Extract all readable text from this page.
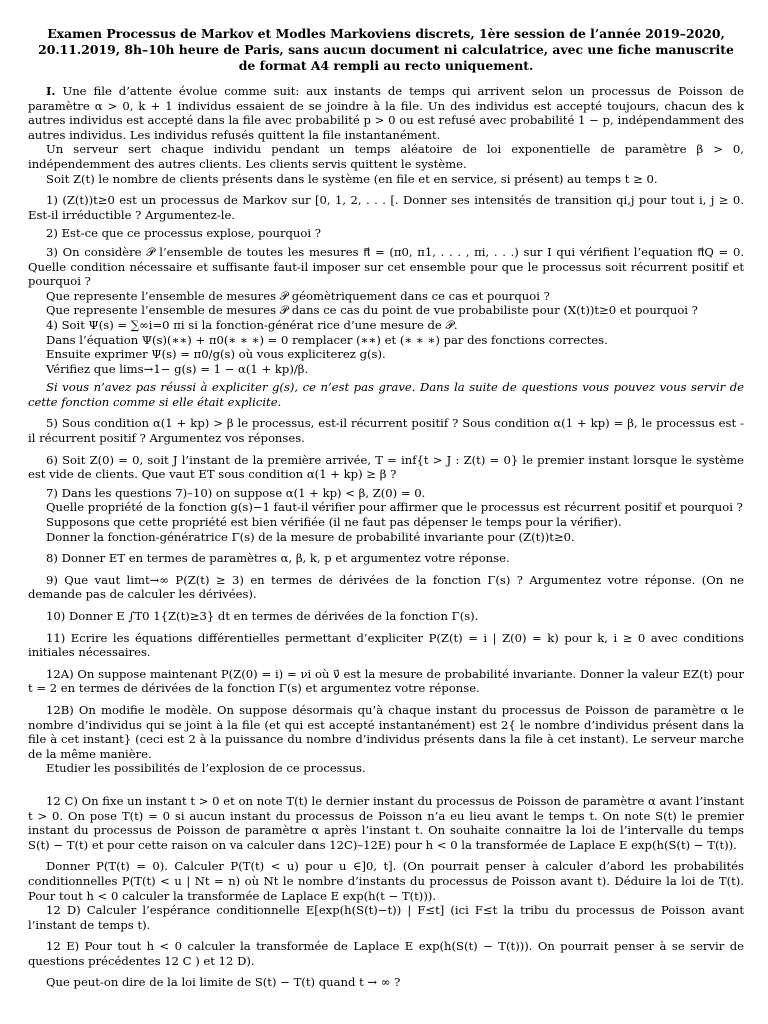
Examen Processus de Markov et Modles Markoviens discrets, 1ère session de l’année 2019–2020, 20.11.2019, 8h–10h heure de Paris, sans aucun document ni calculatrice, avec une fiche manuscrite de format A4 rempli au recto uniquement.

I. Une file d’attente évolue comme suit: aux instants de temps qui arrivent selon un processus de Poisson de paramètre α > 0, k + 1 individus essaient de se joindre à la file. Un des individus est accepté toujours, chacun des k autres individus est accepté dans la file avec probabilité p > 0 ou est refusé avec probabilité 1 − p, indépendamment des autres individus. Les individus refusés quittent la file instantanément.

Un serveur sert chaque individu pendant un temps aléatoire de loi exponentielle de paramètre β > 0, indépendemment des autres clients. Les clients servis quittent le système.

Soit Z(t) le nombre de clients présents dans le système (en file et en service, si présent) au temps t ≥ 0.

1) (Z(t))t≥0 est un processus de Markov sur [0, 1, 2, . . . [. Donner ses intensités de transition qi,j pour tout i, j ≥ 0. Est-il irréductible ? Argumentez-le.

2) Est-ce que ce processus explose, pourquoi ?

3) On considère 𝒫 l’ensemble de toutes les mesures π⃗ = (π0, π1, . . . , πi, . . .) sur I qui vérifient l’equation π⃗Q = 0. Quelle condition nécessaire et suffisante faut-il imposer sur cet ensemble pour que le processus soit récurrent positif et pourquoi ?

Que represente l’ensemble de mesures 𝒫 géomètriquement dans ce cas et pourquoi ?

Que represente l’ensemble de mesures 𝒫 dans ce cas du point de vue probabiliste pour (X(t))t≥0 et pourquoi ?

4) Soit Ψ(s) = ∑∞i=0 πi si la fonction-générat rice d’une mesure de 𝒫.

Dans l’équation Ψ(s)(∗∗) + π0(∗ ∗ ∗) = 0 remplacer (∗∗) et (∗ ∗ ∗) par des fonctions correctes.

Ensuite exprimer Ψ(s) = π0/g(s) où vous expliciterez g(s).

Vérifiez que lims→1− g(s) = 1 − α(1 + kp)/β.

Si vous n’avez pas réussi à expliciter g(s), ce n’est pas grave. Dans la suite de questions vous pouvez vous servir de cette fonction comme si elle était explicite.

5) Sous condition α(1 + kp) > β le processus, est-il récurrent positif ? Sous condition α(1 + kp) = β, le processus est -il récurrent positif ? Argumentez vos réponses.

6) Soit Z(0) = 0, soit J l’instant de la première arrivée, T = inf{t > J : Z(t) = 0} le premier instant lorsque le système est vide de clients. Que vaut ET sous condition α(1 + kp) ≥ β ?

7) Dans les questions 7)–10) on suppose α(1 + kp) < β, Z(0) = 0.

Quelle propriété de la fonction g(s)−1 faut-il vérifier pour affirmer que le processus est récurrent positif et pourquoi ?

Supposons que cette propriété est bien vérifiée (il ne faut pas dépenser le temps pour la vérifier).

Donner la fonction-génératrice Γ(s) de la mesure de probabilité invariante pour (Z(t))t≥0.

8) Donner ET en termes de paramètres α, β, k, p et argumentez votre réponse.

9) Que vaut limt→∞ P(Z(t) ≥ 3) en termes de dérivées de la fonction Γ(s) ? Argumentez votre réponse. (On ne demande pas de calculer les dérivées).

10) Donner E ∫T0 1{Z(t)≥3} dt en termes de dérivées de la fonction Γ(s).

11) Ecrire les équations différentielles permettant d’expliciter P(Z(t) = i | Z(0) = k) pour k, i ≥ 0 avec conditions initiales nécessaires.

12A) On suppose maintenant P(Z(0) = i) = νi où ν⃗ est la mesure de probabilité invariante. Donner la valeur EZ(t) pour t = 2 en termes de dérivées de la fonction Γ(s) et argumentez votre réponse.

12B) On modifie le modèle. On suppose désormais qu’à chaque instant du processus de Poisson de paramètre α le nombre d’individus qui se joint à la file (et qui est accepté instantanément) est 2{ le nombre d’individus présent dans la file à cet instant} (ceci est 2 à la puissance du nombre d’individus présents dans la file à cet instant). Le serveur marche de la même manière.

Etudier les possibilités de l’explosion de ce processus.

12 C) On fixe un instant t > 0 et on note T(t) le dernier instant du processus de Poisson de paramètre α avant l’instant t > 0. On pose T(t) = 0 si aucun instant du processus de Poisson n’a eu lieu avant le temps t. On note S(t) le premier instant du processus de Poisson de paramètre α après l’instant t. On souhaite connaitre la loi de l’intervalle du temps S(t) − T(t) et pour cette raison on va calculer dans 12C)–12E) pour h < 0 la transformée de Laplace E exp(h(S(t) − T(t)).

Donner P(T(t) = 0). Calculer P(T(t) < u) pour u ∈]0, t]. (On pourrait penser à calculer d’abord les probabilités conditionnelles P(T(t) < u | Nt = n) où Nt le nombre d’instants du processus de Poisson avant t). Déduire la loi de T(t). Pour tout h < 0 calculer la transformée de Laplace E exp(h(t − T(t))).

12 D) Calculer l’espérance conditionnelle E[exp(h(S(t)−t)) | F≤t] (ici F≤t la tribu du processus de Poisson avant l’instant de temps t).

12 E) Pour tout h < 0 calculer la transformée de Laplace E exp(h(S(t) − T(t))). On pourrait penser à se servir de questions précédentes 12 C ) et 12 D).

Que peut-on dire de la loi limite de S(t) − T(t) quand t → ∞ ?
